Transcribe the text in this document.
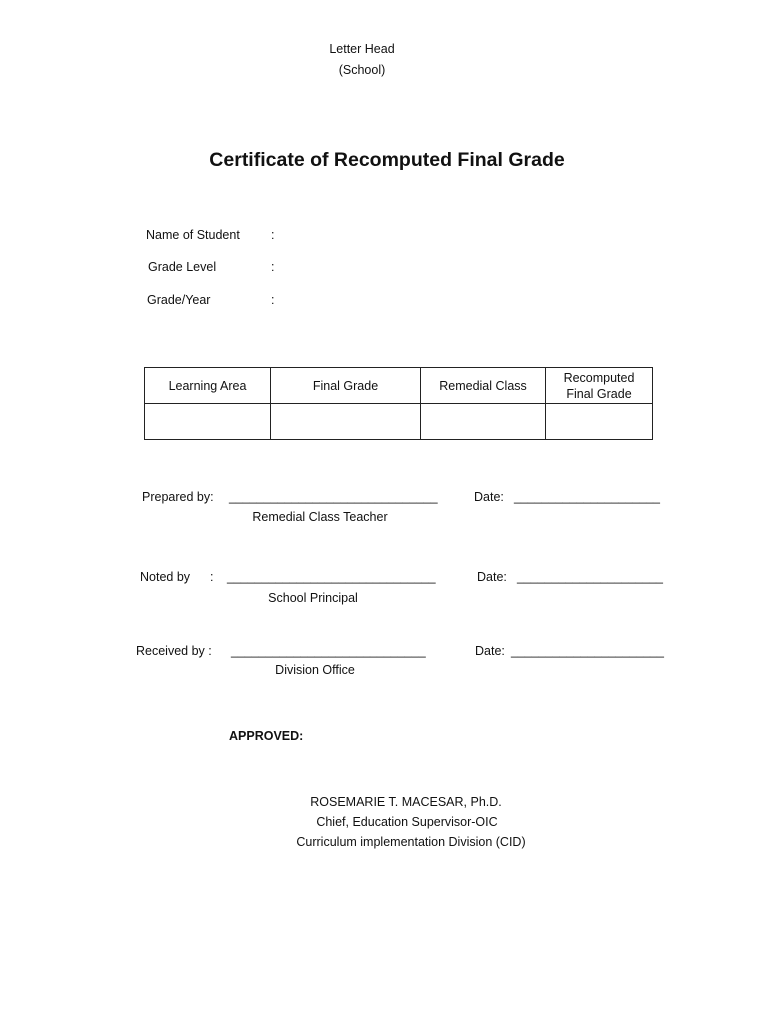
Letter Head
(School)
Certificate of Recomputed Final Grade
Name of Student :
Grade Level	:
Grade/Year	:
Learning Area	Final Grade	Remedial Class	Recomputed Final Grade

Prepared by: ______________________________
Remedial Class Teacher
Date: _____________________
Noted by : ______________________________
School Principal
Date: _____________________
Received by : ____________________________
Division Office
Date: ______________________
APPROVED:
ROSEMARIE T. MACESAR, Ph.D.
Chief, Education Supervisor-OIC
Curriculum implementation Division (CID)
